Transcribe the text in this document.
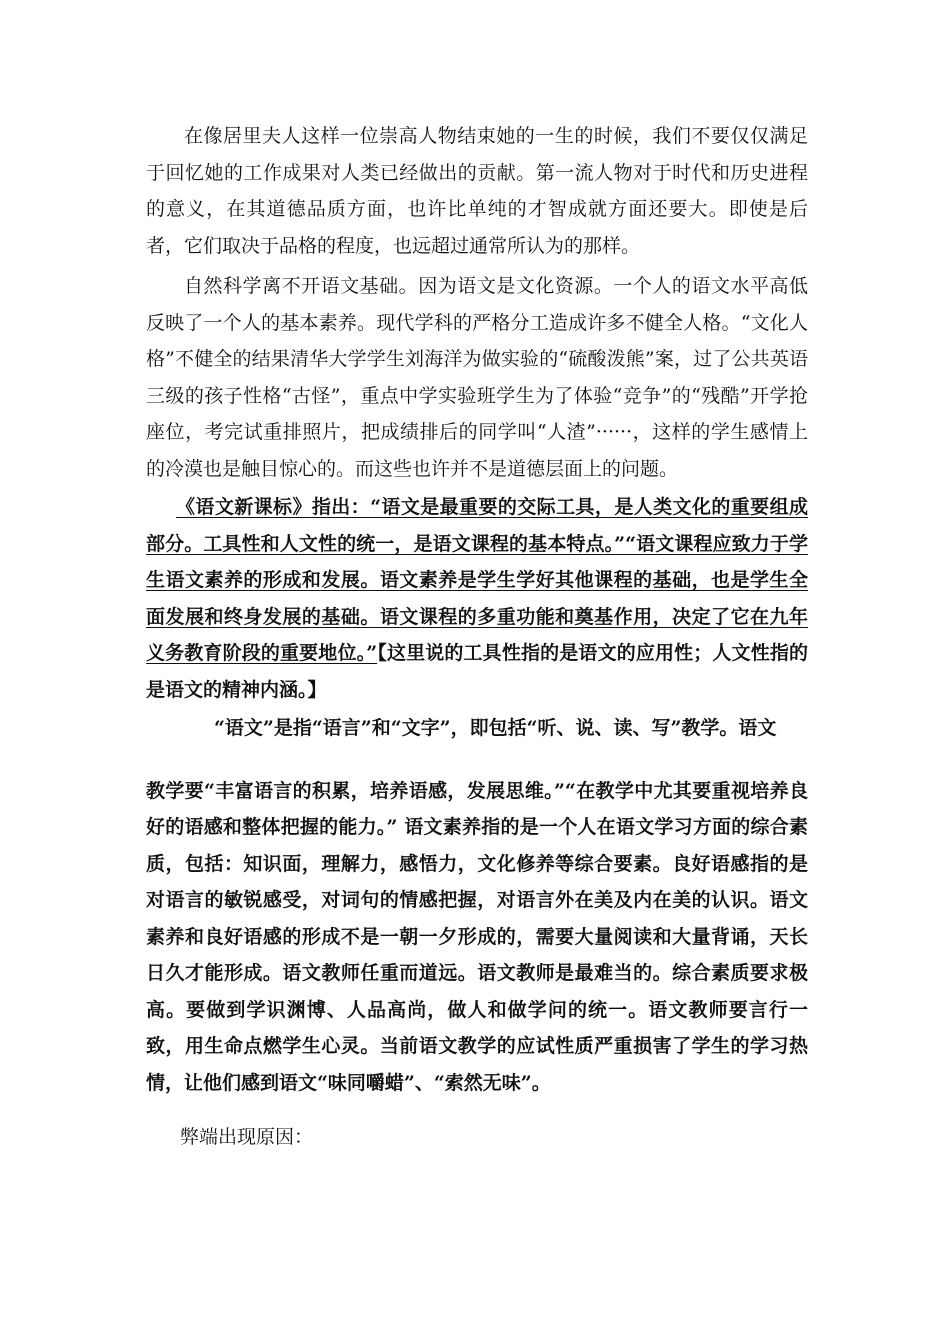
在像居里夫人这样一位崇高人物结束她的一生的时候，我们不要仅仅满足于回忆她的工作成果对人类已经做出的贡献。第一流人物对于时代和历史进程的意义，在其道德品质方面，也许比单纯的才智成就方面还要大。即使是后者，它们取决于品格的程度，也远超过通常所认为的那样。

自然科学离不开语文基础。因为语文是文化资源。一个人的语文水平高低反映了一个人的基本素养。现代学科的严格分工造成许多不健全人格。“文化人格”不健全的结果清华大学学生刘海洋为做实验的“硫酸泼熊”案，过了公共英语三级的孩子性格“古怪”，重点中学实验班学生为了体验“竞争”的“残酷”开学抢座位，考完试重排照片，把成绩排后的同学叫“人渣”······，这样的学生感情上的冷漠也是触目惊心的。而这些也许并不是道德层面上的问题。

《语文新课标》指出：“语文是最重要的交际工具，是人类文化的重要组成部分。工具性和人文性的统一，是语文课程的基本特点。”“语文课程应致力于学生语文素养的形成和发展。语文素养是学生学好其他课程的基础，也是学生全面发展和终身发展的基础。语文课程的多重功能和奠基作用，决定了它在九年义务教育阶段的重要地位。”【这里说的工具性指的是语文的应用性；人文性指的是语文的精神内涵。】

“语文”是指“语言”和“文字”，即包括“听、说、读、写”教学。语文

教学要“丰富语言的积累，培养语感，发展思维。”“在教学中尤其要重视培养良好的语感和整体把握的能力。” 语文素养指的是一个人在语文学习方面的综合素质，包括：知识面，理解力，感悟力，文化修养等综合要素。良好语感指的是对语言的敏锐感受，对词句的情感把握，对语言外在美及内在美的认识。语文素养和良好语感的形成不是一朝一夕形成的，需要大量阅读和大量背诵，天长日久才能形成。语文教师任重而道远。语文教师是最难当的。综合素质要求极高。要做到学识渊博、人品高尚，做人和做学问的统一。语文教师要言行一致，用生命点燃学生心灵。当前语文教学的应试性质严重损害了学生的学习热情，让他们感到语文“味同嚼蜡”、“索然无味”。

弊端出现原因：
